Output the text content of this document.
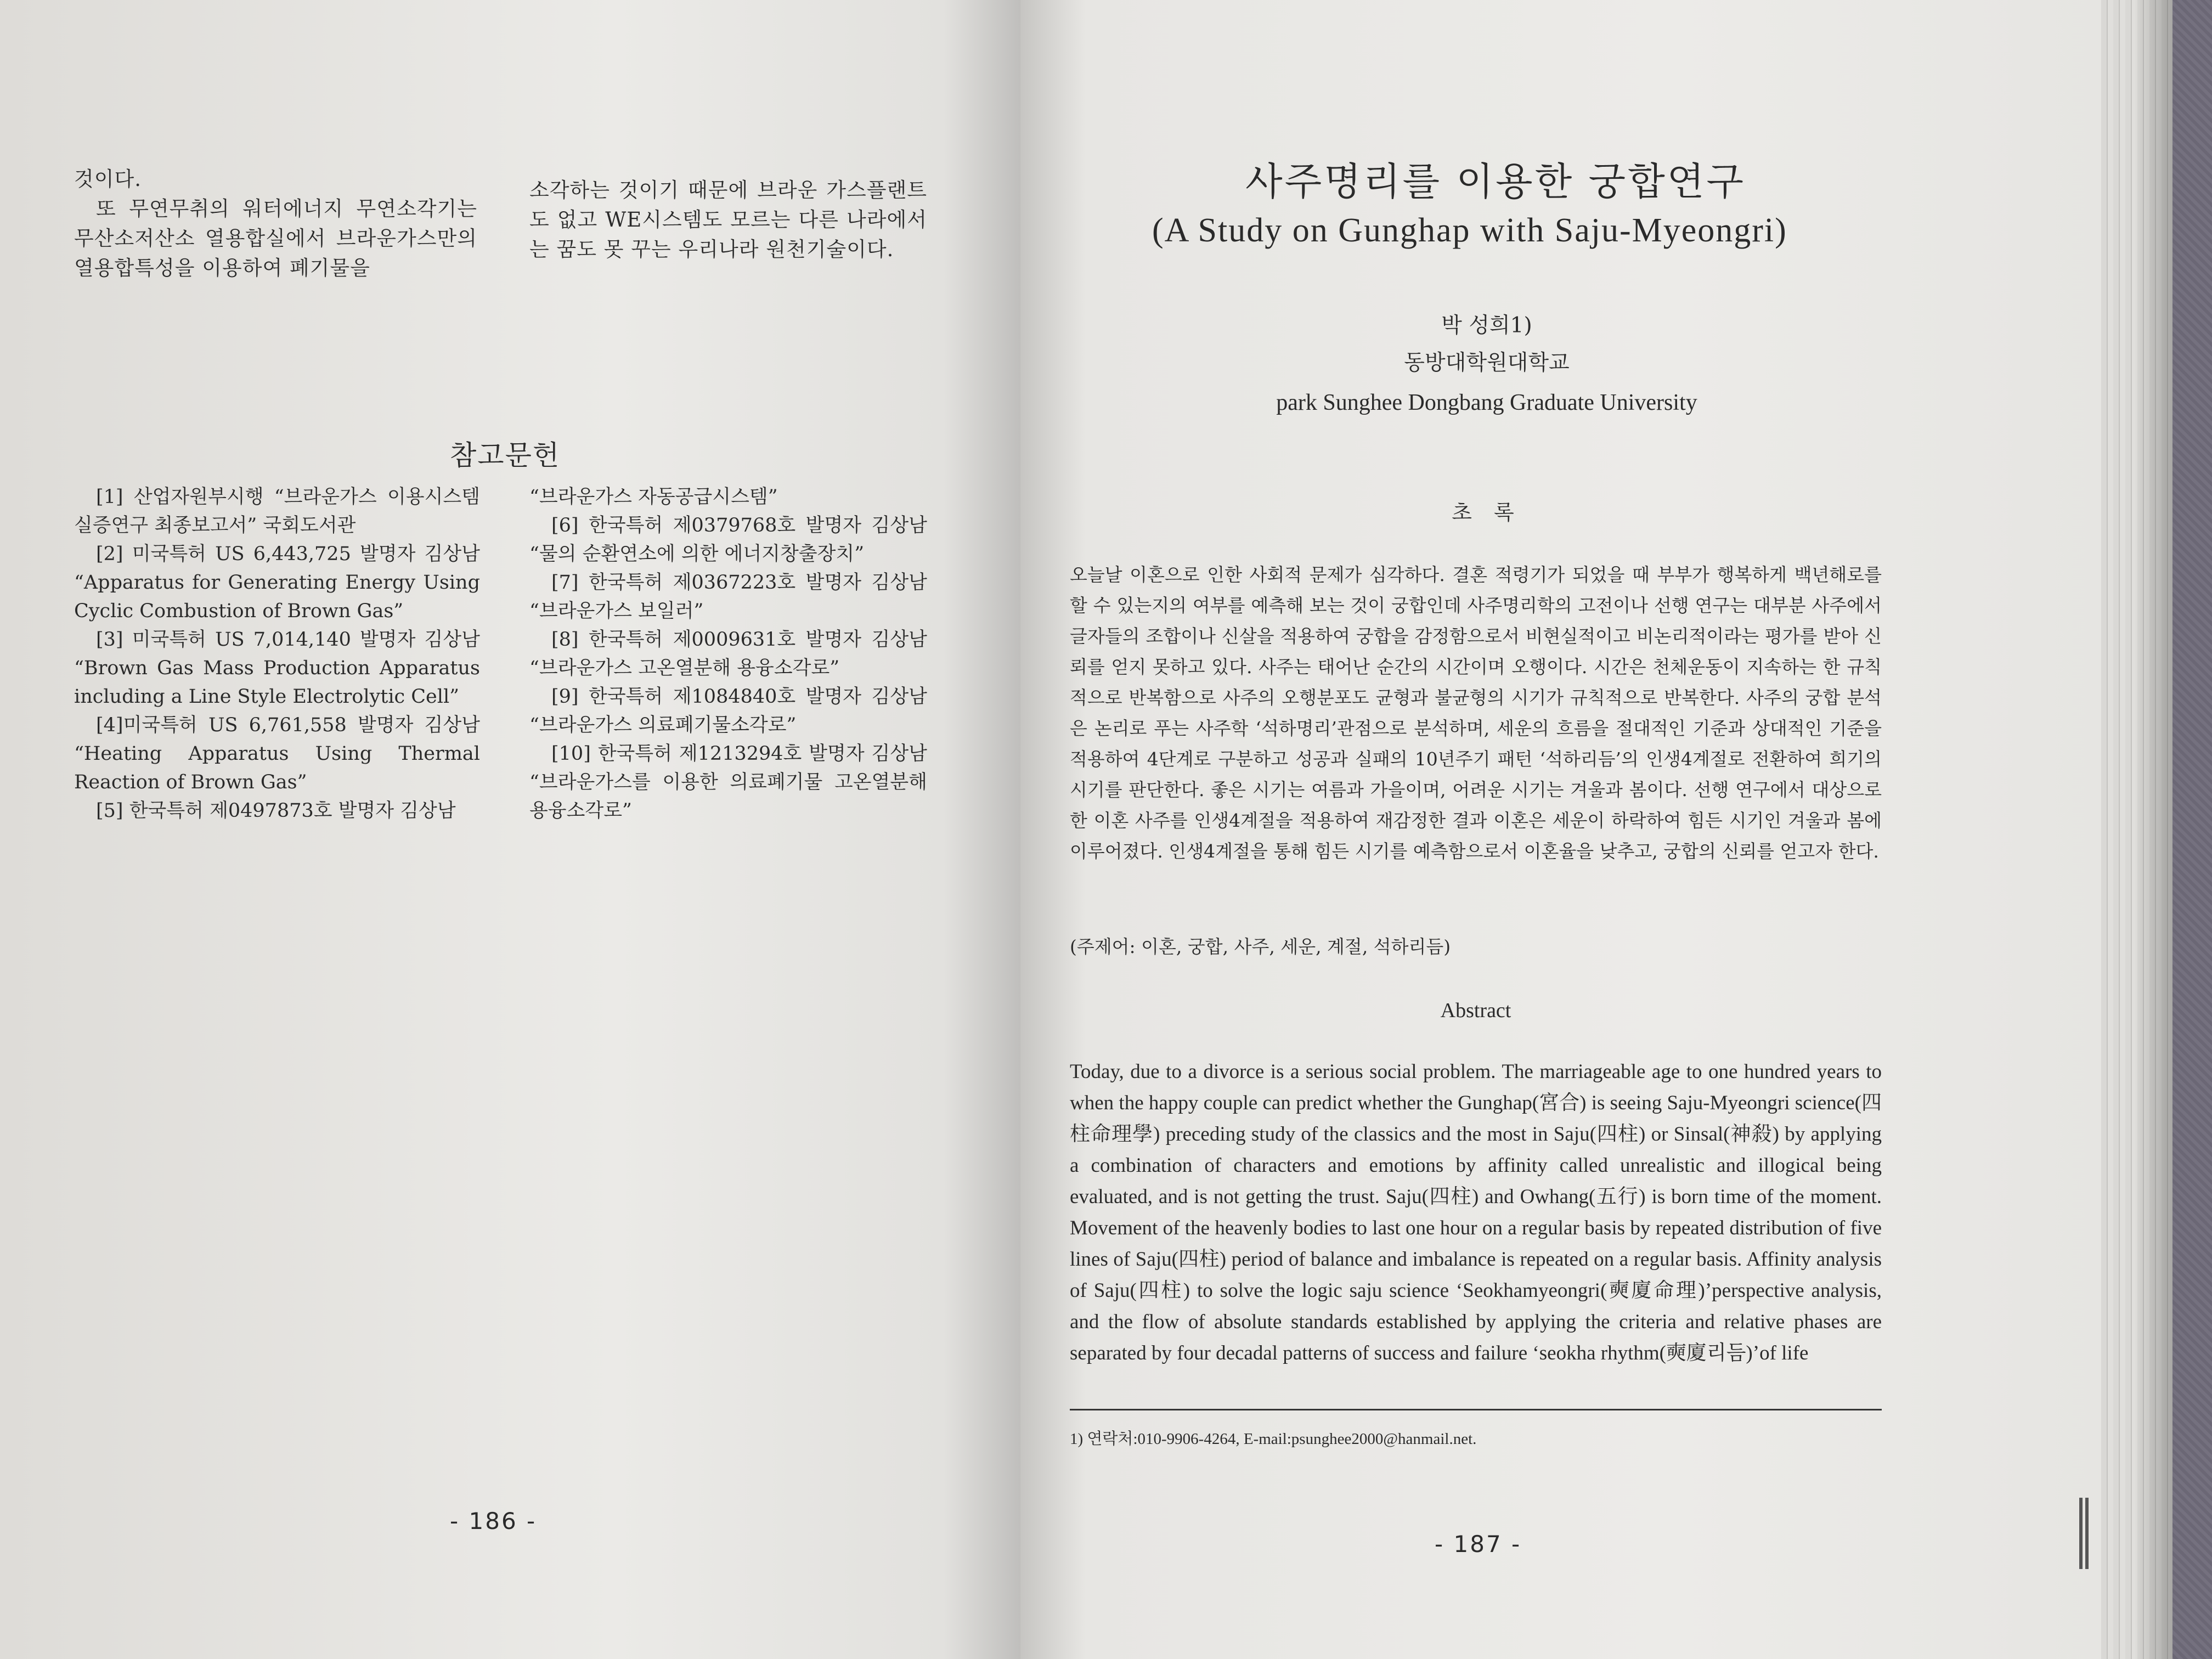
것이다.

또 무연무취의 워터에너지 무연소각기는 무산소저산소 열용합실에서 브라운가스만의 열용합특성을 이용하여 폐기물을

소각하는 것이기 때문에 브라운 가스플랜트도 없고 WE시스템도 모르는 다른 나라에서는 꿈도 못 꾸는 우리나라 원천기술이다.

참고문헌

[1] 산업자원부시행 “브라운가스 이용시스템 실증연구 최종보고서” 국회도서관

[2] 미국특허 US 6,443,725 발명자 김상남 “Apparatus for Generating Energy Using Cyclic Combustion of Brown Gas”

[3] 미국특허 US 7,014,140 발명자 김상남 “Brown Gas Mass Production Apparatus including a Line Style Electrolytic Cell”

[4]미국특허 US 6,761,558 발명자 김상남 “Heating Apparatus Using Thermal Reaction of Brown Gas”

[5] 한국특허 제0497873호 발명자 김상남

“브라운가스 자동공급시스템”

[6] 한국특허 제0379768호 발명자 김상남 “물의 순환연소에 의한 에너지창출장치”

[7] 한국특허 제0367223호 발명자 김상남 “브라운가스 보일러”

[8] 한국특허 제0009631호 발명자 김상남 “브라운가스 고온열분해 용융소각로”

[9] 한국특허 제1084840호 발명자 김상남 “브라운가스 의료폐기물소각로”

[10] 한국특허 제1213294호 발명자 김상남 “브라운가스를 이용한 의료폐기물 고온열분해 용융소각로”

- 186 -
사주명리를 이용한 궁합연구
(A Study on Gunghap with Saju-Myeongri)
박 성희1)
동방대학원대학교
park Sunghee Dongbang Graduate University
초 록

오늘날 이혼으로 인한 사회적 문제가 심각하다. 결혼 적령기가 되었을 때 부부가 행복하게 백년해로를 할 수 있는지의 여부를 예측해 보는 것이 궁합인데 사주명리학의 고전이나 선행 연구는 대부분 사주에서 글자들의 조합이나 신살을 적용하여 궁합을 감정함으로서 비현실적이고 비논리적이라는 평가를 받아 신뢰를 얻지 못하고 있다. 사주는 태어난 순간의 시간이며 오행이다. 시간은 천체운동이 지속하는 한 규칙적으로 반복함으로 사주의 오행분포도 균형과 불균형의 시기가 규칙적으로 반복한다. 사주의 궁합 분석은 논리로 푸는 사주학 ‘석하명리’관점으로 분석하며, 세운의 흐름을 절대적인 기준과 상대적인 기준을 적용하여 4단계로 구분하고 성공과 실패의 10년주기 패턴 ‘석하리듬’의 인생4계절로 전환하여 희기의 시기를 판단한다. 좋은 시기는 여름과 가을이며, 어려운 시기는 겨울과 봄이다. 선행 연구에서 대상으로 한 이혼 사주를 인생4계절을 적용하여 재감정한 결과 이혼은 세운이 하락하여 힘든 시기인 겨울과 봄에 이루어졌다. 인생4계절을 통해 힘든 시기를 예측함으로서 이혼율을 낮추고, 궁합의 신뢰를 얻고자 한다.

(주제어: 이혼, 궁합, 사주, 세운, 계절, 석하리듬)
Abstract

Today, due to a divorce is a serious social problem. The marriageable age to one hundred years to when the happy couple can predict whether the Gunghap(宮合) is seeing Saju-Myeongri science(四柱命理學) preceding study of the classics and the most in Saju(四柱) or Sinsal(神殺) by applying a combination of characters and emotions by affinity called unrealistic and illogical being evaluated, and is not getting the trust. Saju(四柱) and Owhang(五行) is born time of the moment. Movement of the heavenly bodies to last one hour on a regular basis by repeated distribution of five lines of Saju(四柱) period of balance and imbalance is repeated on a regular basis. Affinity analysis of Saju(四柱) to solve the logic saju science ‘Seokhamyeongri(奭廈命理)’perspective analysis, and the flow of absolute standards established by applying the criteria and relative phases are separated by four decadal patterns of success and failure ‘seokha rhythm(奭廈리듬)’of life

1) 연락처:010-9906-4264, E-mail:psunghee2000@hanmail.net.
- 187 -
